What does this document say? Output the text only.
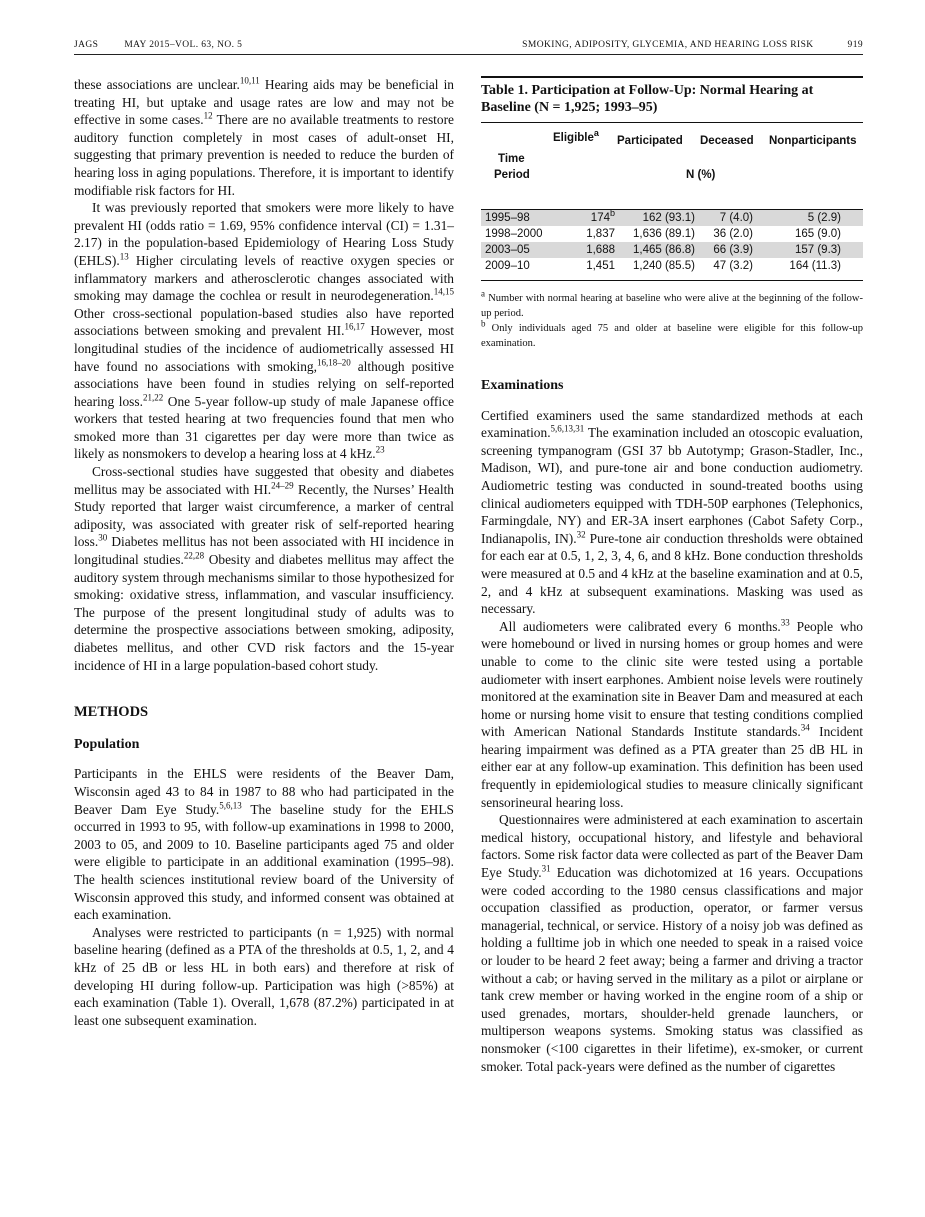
JAGS	MAY 2015–VOL. 63, NO. 5	SMOKING, ADIPOSITY, GLYCEMIA, AND HEARING LOSS RISK	919

these associations are unclear.$^{10,11}$ Hearing aids may be beneficial in treating HI, but uptake and usage rates are low and may not be effective in some cases.$^{12}$ There are no available treatments to restore auditory function completely in most cases of adult-onset HI, suggesting that primary prevention is needed to reduce the burden of hearing loss in aging populations. Therefore, it is important to identify modifiable risk factors for HI.

It was previously reported that smokers were more likely to have prevalent HI (odds ratio = 1.69, 95% confidence interval (CI) = 1.31–2.17) in the population-based Epidemiology of Hearing Loss Study (EHLS).$^{13}$ Higher circulating levels of reactive oxygen species or inflammatory markers and atherosclerotic changes associated with smoking may damage the cochlea or result in neurodegeneration.$^{14,15}$ Other cross-sectional population-based studies also have reported associations between smoking and prevalent HI.$^{16,17}$ However, most longitudinal studies of the incidence of audiometrically assessed HI have found no associations with smoking,$^{16,18-20}$ although positive associations have been found in studies relying on self-reported hearing loss.$^{21,22}$ One 5-year follow-up study of male Japanese office workers that tested hearing at two frequencies found that men who smoked more than 31 cigarettes per day were more than twice as likely as nonsmokers to develop a hearing loss at 4 kHz.$^{23}$

Cross-sectional studies have suggested that obesity and diabetes mellitus may be associated with HI.$^{24-29}$ Recently, the Nurses’ Health Study reported that larger waist circumference, a marker of central adiposity, was associated with greater risk of self-reported hearing loss.$^{30}$ Diabetes mellitus has not been associated with HI incidence in longitudinal studies.$^{22,28}$ Obesity and diabetes mellitus may affect the auditory system through mechanisms similar to those hypothesized for smoking: oxidative stress, inflammation, and vascular insufficiency. The purpose of the present longitudinal study of adults was to determine the prospective associations between smoking, adiposity, diabetes mellitus, and other CVD risk factors and the 15-year incidence of HI in a large population-based cohort study.

METHODS
Population

Participants in the EHLS were residents of the Beaver Dam, Wisconsin aged 43 to 84 in 1987 to 88 who had participated in the Beaver Dam Eye Study.$^{5,6,13}$ The baseline study for the EHLS occurred in 1993 to 95, with follow-up examinations in 1998 to 2000, 2003 to 05, and 2009 to 10. Baseline participants aged 75 and older were eligible to participate in an additional examination (1995–98). The health sciences institutional review board of the University of Wisconsin approved this study, and informed consent was obtained at each examination.

Analyses were restricted to participants (n = 1,925) with normal baseline hearing (defined as a PTA of the thresholds at 0.5, 1, 2, and 4 kHz of 25 dB or less HL in both ears) and therefore at risk of developing HI during follow-up. Participation was high (>85%) at each examination (Table 1). Overall, 1,678 (87.2%) participated in at least one subsequent examination.

Table 1. Participation at Follow-Up: Normal Hearing at Baseline (N = 1,925; 1993–95)
Eligible$^a$
Participated Deceased Nonparticipants
Time
Period	N (%)
1995–98	174$^b$	162 (93.1)	7 (4.0)	5 (2.9)
1998–2000	1,837	1,636 (89.1)	36 (2.0)	165 (9.0)
2003–05	1,688	1,465 (86.8)	66 (3.9)	157 (9.3)
2009–10	1,451	1,240 (85.5)	47 (3.2)	164 (11.3)
$^a$ Number with normal hearing at baseline who were alive at the beginning of the follow-up period.
$^b$ Only individuals aged 75 and older at baseline were eligible for this follow-up examination.
Examinations

Certified examiners used the same standardized methods at each examination.$^{5,6,13,31}$ The examination included an otoscopic evaluation, screening tympanogram (GSI 37 bb Autotymp; Grason-Stadler, Inc., Madison, WI), and pure-tone air and bone conduction audiometry. Audiometric testing was conducted in sound-treated booths using clinical audiometers equipped with TDH-50P earphones (Telephonics, Farmingdale, NY) and ER-3A insert earphones (Cabot Safety Corp., Indianapolis, IN).$^{32}$ Pure-tone air conduction thresholds were obtained for each ear at 0.5, 1, 2, 3, 4, 6, and 8 kHz. Bone conduction thresholds were measured at 0.5 and 4 kHz at the baseline examination and at 0.5, 2, and 4 kHz at subsequent examinations. Masking was used as necessary.

All audiometers were calibrated every 6 months.$^{33}$ People who were homebound or lived in nursing homes or group homes and were unable to come to the clinic site were tested using a portable audiometer with insert earphones. Ambient noise levels were routinely monitored at the examination site in Beaver Dam and measured at each home or nursing home visit to ensure that testing conditions complied with American National Standards Institute standards.$^{34}$ Incident hearing impairment was defined as a PTA greater than 25 dB HL in either ear at any follow-up examination. This definition has been used frequently in epidemiological studies to measure clinically significant sensorineural hearing loss.

Questionnaires were administered at each examination to ascertain medical history, occupational history, and lifestyle and behavioral factors. Some risk factor data were collected as part of the Beaver Dam Eye Study.$^{31}$ Education was dichotomized at 16 years. Occupations were coded according to the 1980 census classifications and major occupation classified as production, operator, or farmer versus managerial, technical, or service. History of a noisy job was defined as holding a fulltime job in which one needed to speak in a raised voice or louder to be heard 2 feet away; being a farmer and driving a tractor without a cab; or having served in the military as a pilot or airplane or tank crew member or having worked in the engine room of a ship or used grenades, mortars, shoulder-held grenade launchers, or multiperson weapons systems. Smoking status was classified as nonsmoker (<100 cigarettes in their lifetime), ex-smoker, or current smoker. Total pack-years were defined as the number of cigarettes
